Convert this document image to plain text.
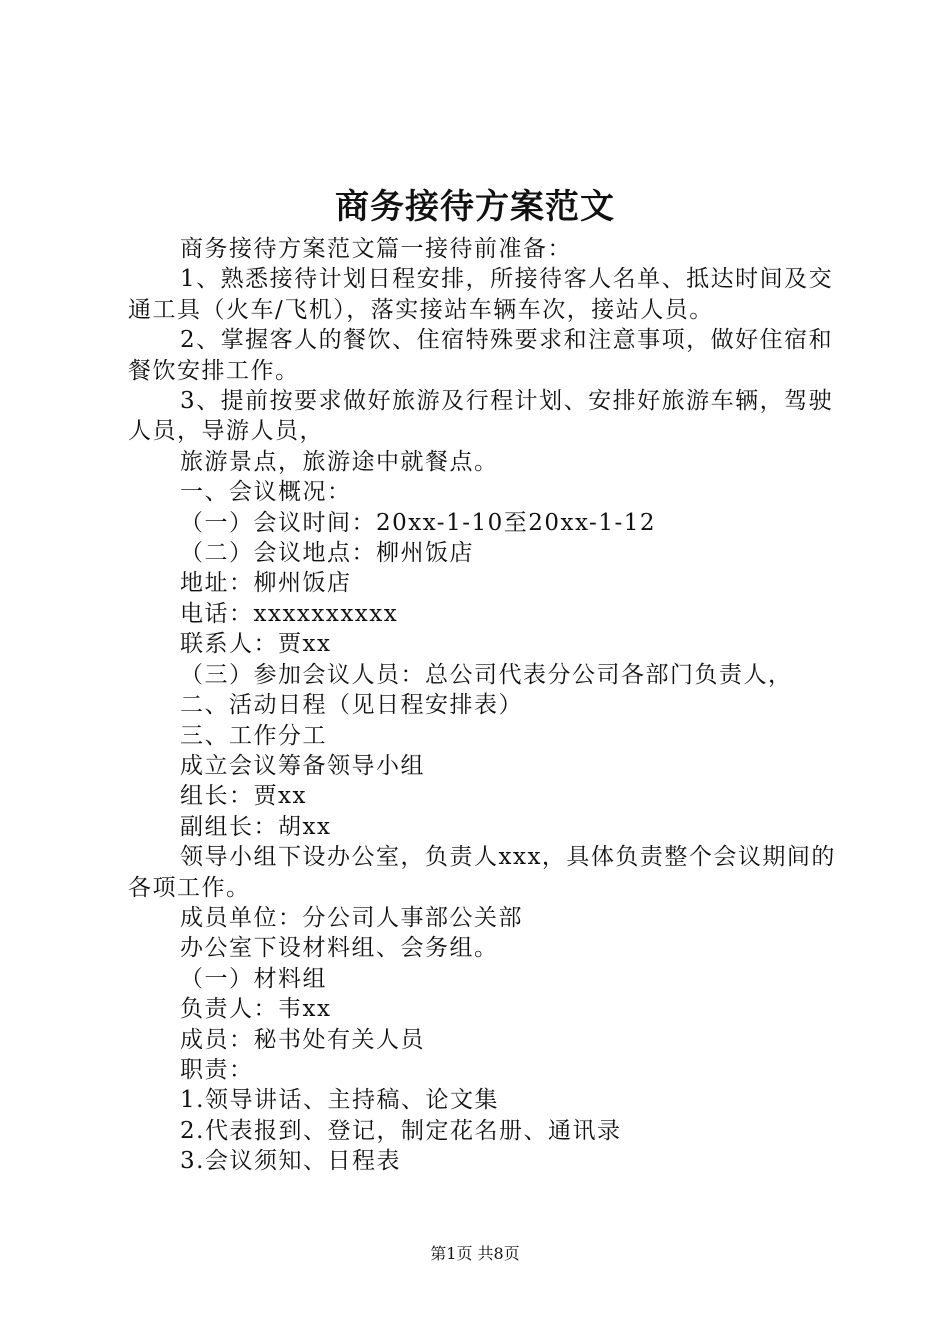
商务接待方案范文

商务接待方案范文篇一接待前准备：

1、熟悉接待计划日程安排，所接待客人名单、抵达时间及交通工具（火车/飞机），落实接站车辆车次，接站人员。

2、掌握客人的餐饮、住宿特殊要求和注意事项，做好住宿和餐饮安排工作。

3、提前按要求做好旅游及行程计划、安排好旅游车辆，驾驶人员，导游人员，

旅游景点，旅游途中就餐点。

一、会议概况：

（一）会议时间：20xx-1-10至20xx-1-12

（二）会议地点：柳州饭店

地址：柳州饭店

电话：xxxxxxxxxx

联系人：贾xx

（三）参加会议人员：总公司代表分公司各部门负责人，

二、活动日程（见日程安排表）

三、工作分工

成立会议筹备领导小组

组长：贾xx

副组长：胡xx

领导小组下设办公室，负责人xxx，具体负责整个会议期间的各项工作。

成员单位：分公司人事部公关部

办公室下设材料组、会务组。

（一）材料组

负责人：韦xx

成员：秘书处有关人员

职责：

1.领导讲话、主持稿、论文集

2.代表报到、登记，制定花名册、通讯录

3.会议须知、日程表

第1页 共8页
